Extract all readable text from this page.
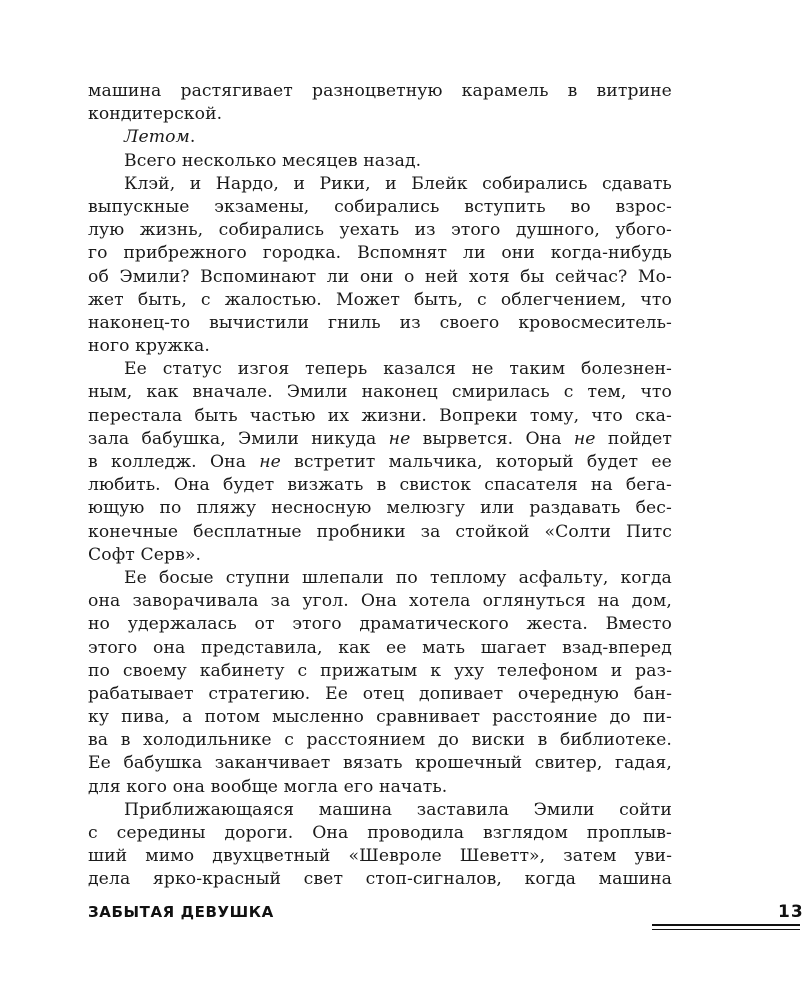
машина растягивает разноцветную карамель в витрине
кондитерской.
Летом.
Всего несколько месяцев назад.
Клэй, и Нардо, и Рики, и Блейк собирались сдавать
выпускные экзамены, собирались вступить во взрос-
лую жизнь, собирались уехать из этого душного, убого-
го прибрежного городка. Вспомнят ли они когда-нибудь
об Эмили? Вспоминают ли они о ней хотя бы сейчас? Мо-
жет быть, с жалостью. Может быть, с облегчением, что
наконец-то вычистили гниль из своего кровосмеситель-
ного кружка.
Ее статус изгоя теперь казался не таким болезнен-
ным, как вначале. Эмили наконец смирилась с тем, что
перестала быть частью их жизни. Вопреки тому, что ска-
зала бабушка, Эмили никуда не вырвется. Она не пойдет
в колледж. Она не встретит мальчика, который будет ее
любить. Она будет визжать в свисток спасателя на бега-
ющую по пляжу несносную мелюзгу или раздавать бес-
конечные бесплатные пробники за стойкой «Солти Питс
Софт Серв».
Ее босые ступни шлепали по теплому асфальту, когда
она заворачивала за угол. Она хотела оглянуться на дом,
но удержалась от этого драматического жеста. Вместо
этого она представила, как ее мать шагает взад-вперед
по своему кабинету с прижатым к уху телефоном и раз-
рабатывает стратегию. Ее отец допивает очередную бан-
ку пива, а потом мысленно сравнивает расстояние до пи-
ва в холодильнике с расстоянием до виски в библиотеке.
Ее бабушка заканчивает вязать крошечный свитер, гадая,
для кого она вообще могла его начать.
Приближающаяся машина заставила Эмили сойти
с середины дороги. Она проводила взглядом проплыв-
ший мимо двухцветный «Шевроле Шеветт», затем уви-
дела ярко-красный свет стоп-сигналов, когда машина
ЗАБЫТАЯ ДЕВУШКА	13
